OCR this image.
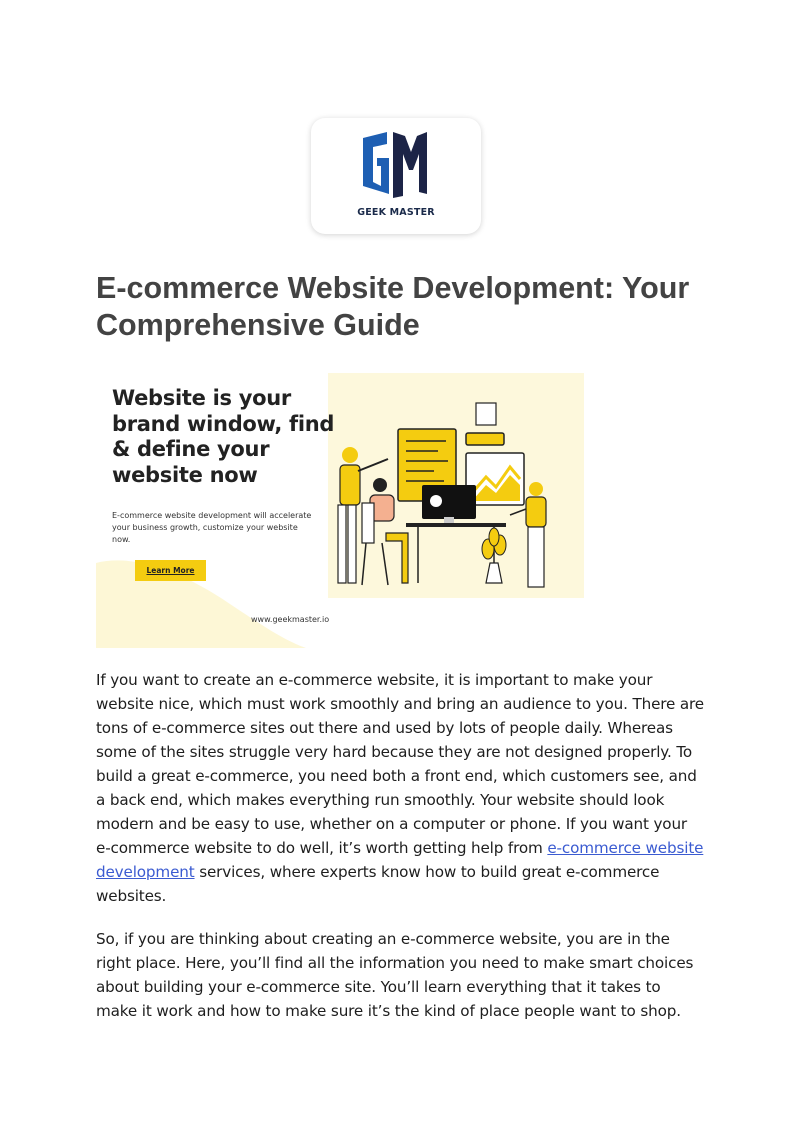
GEEK MASTER
E-commerce Website Development: Your Comprehensive Guide
Website is your brand window, find & define your website now

E-commerce website development will accelerate your business growth, customize your website now.

Learn More
www.geekmaster.io

If you want to create an e-commerce website, it is important to make your website nice, which must work smoothly and bring an audience to you. There are tons of e-commerce sites out there and used by lots of people daily. Whereas some of the sites struggle very hard because they are not designed properly. To build a great e-commerce, you need both a front end, which customers see, and a back end, which makes everything run smoothly. Your website should look modern and be easy to use, whether on a computer or phone. If you want your e-commerce website to do well, it’s worth getting help from e-commerce website development services, where experts know how to build great e-commerce websites.

So, if you are thinking about creating an e-commerce website, you are in the right place. Here, you’ll find all the information you need to make smart choices about building your e-commerce site. You’ll learn everything that it takes to make it work and how to make sure it’s the kind of place people want to shop.
